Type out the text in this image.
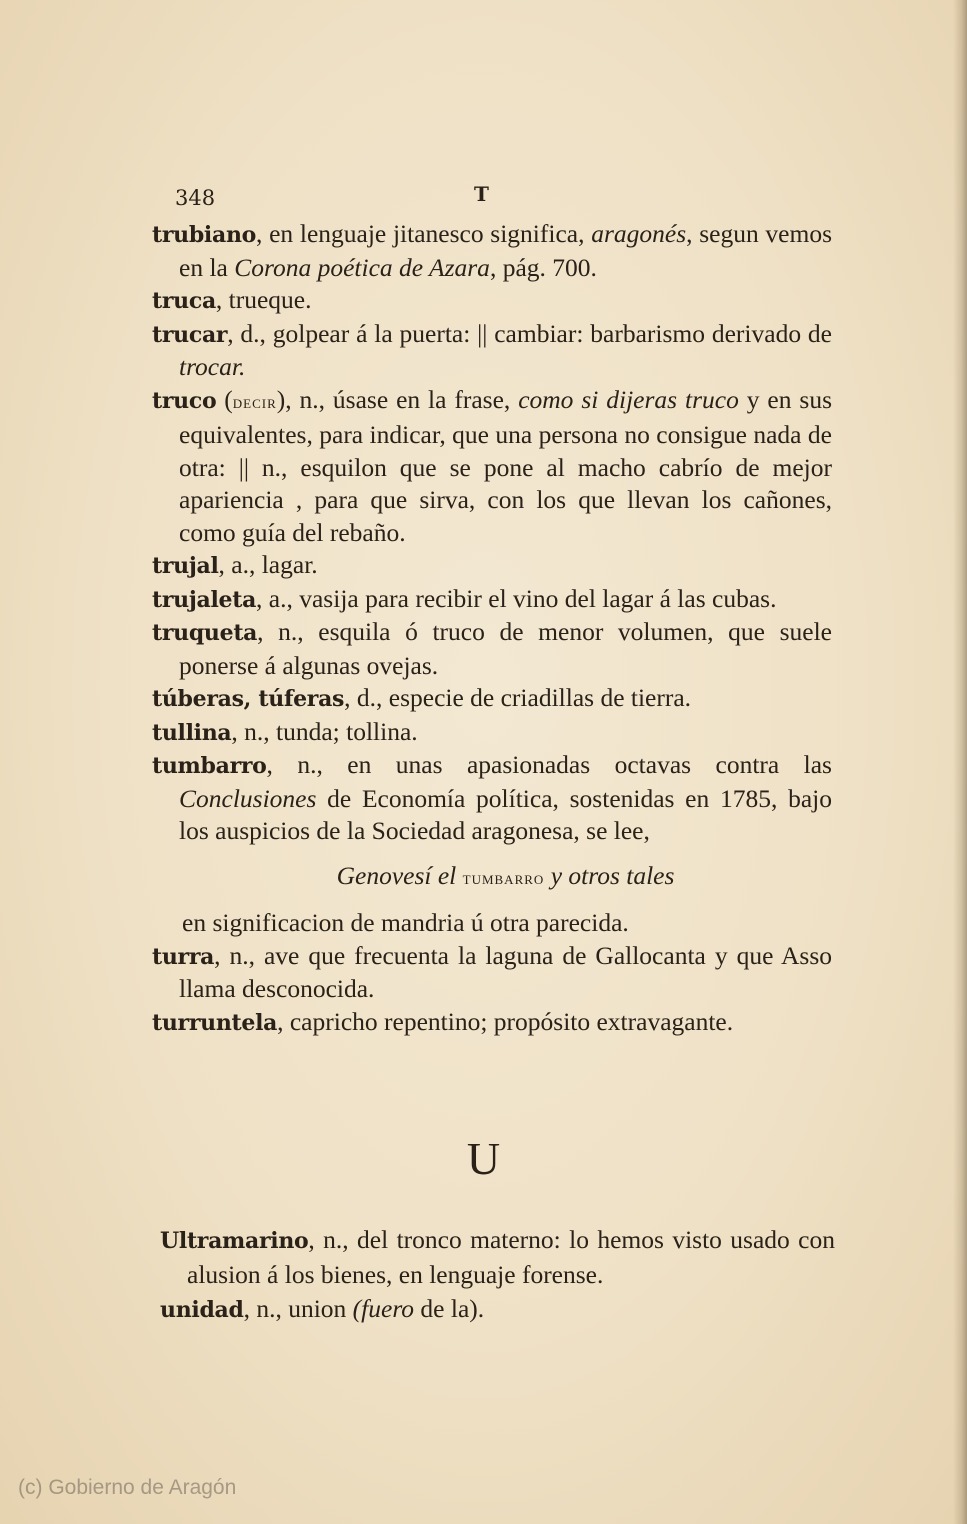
348	T

trubiano, en lenguaje jitanesco significa, aragonés, segun vemos en la Corona poética de Azara, pág. 700.

truca, trueque.

trucar, d., golpear á la puerta: || cambiar: barbarismo derivado de trocar.

truco (decir), n., úsase en la frase, como si dijeras truco y en sus equivalentes, para indicar, que una persona no consigue nada de otra: || n., esquilon que se pone al macho cabrío de mejor apariencia , para que sirva, con los que llevan los cañones, como guía del rebaño.

trujal, a., lagar.

trujaleta, a., vasija para recibir el vino del lagar á las cubas.

truqueta, n., esquila ó truco de menor volumen, que suele ponerse á algunas ovejas.

túberas, túferas, d., especie de criadillas de tierra.

tullina, n., tunda; tollina.

tumbarro, n., en unas apasionadas octavas contra las Conclusiones de Economía política, sostenidas en 1785, bajo los auspicios de la Sociedad aragonesa, se lee,

Genovesí el tumbarro y otros tales

en significacion de mandria ú otra parecida.

turra, n., ave que frecuenta la laguna de Gallocanta y que Asso llama desconocida.

turruntela, capricho repentino; propósito extravagante.

U

Ultramarino, n., del tronco materno: lo hemos visto usado con alusion á los bienes, en lenguaje forense.

unidad, n., union (fuero de la).

(c) Gobierno de Aragón
